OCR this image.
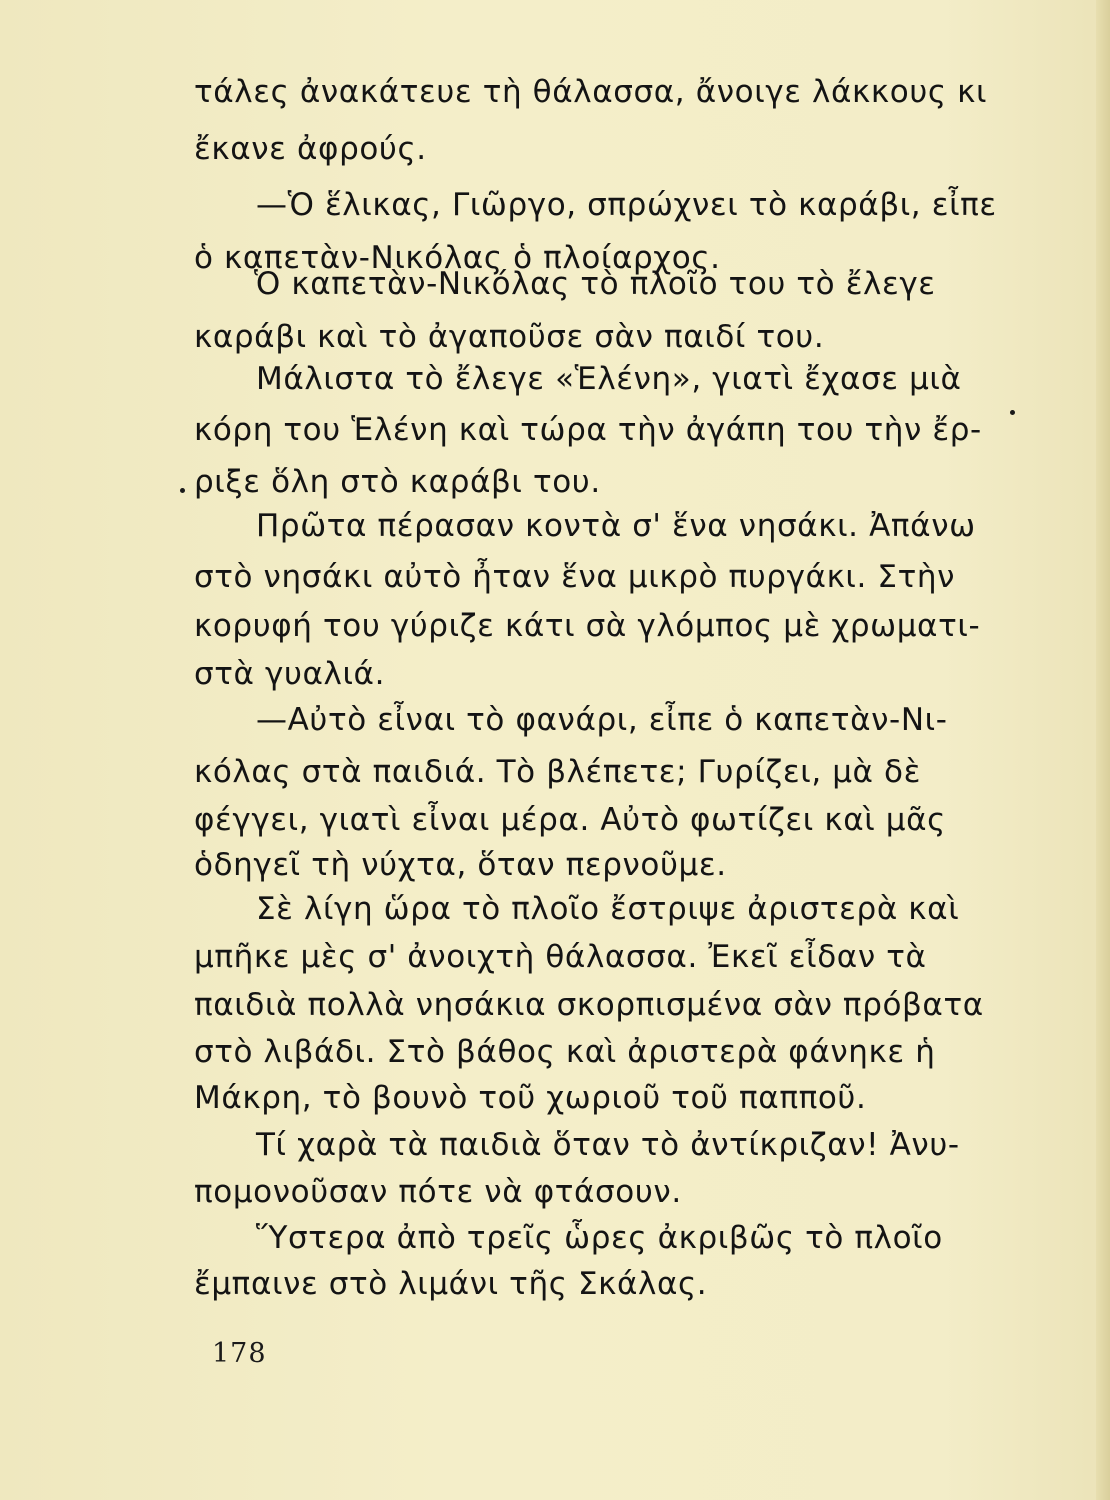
τάλες ἀνακάτευε τὴ θάλασσα, ἄνοιγε λάκκους κι
ἔκανε ἀφρούς.
—Ὁ ἕλικας, Γιῶργο, σπρώχνει τὸ καράβι, εἶπε
ὁ καπετὰν-Νικόλας ὁ πλοίαρχος.
Ὁ καπετὰν-Νικόλας τὸ πλοῖο του τὸ ἔλεγε
καράβι καὶ τὸ ἀγαποῦσε σὰν παιδί του.
Μάλιστα τὸ ἔλεγε «Ἑλένη», γιατὶ ἔχασε μιὰ
κόρη του Ἑλένη καὶ τώρα τὴν ἀγάπη του τὴν ἔρ-
ριξε ὅλη στὸ καράβι του.
Πρῶτα πέρασαν κοντὰ σ' ἕνα νησάκι. Ἀπάνω
στὸ νησάκι αὐτὸ ἦταν ἕνα μικρὸ πυργάκι. Στὴν
κορυφή του γύριζε κάτι σὰ γλόμπος μὲ χρωματι-
στὰ γυαλιά.
—Αὐτὸ εἶναι τὸ φανάρι, εἶπε ὁ καπετὰν-Νι-
κόλας στὰ παιδιά. Τὸ βλέπετε; Γυρίζει, μὰ δὲ
φέγγει, γιατὶ εἶναι μέρα. Αὐτὸ φωτίζει καὶ μᾶς
ὁδηγεῖ τὴ νύχτα, ὅταν περνοῦμε.
Σὲ λίγη ὥρα τὸ πλοῖο ἔστριψε ἀριστερὰ καὶ
μπῆκε μὲς σ' ἀνοιχτὴ θάλασσα. Ἐκεῖ εἶδαν τὰ
παιδιὰ πολλὰ νησάκια σκορπισμένα σὰν πρόβατα
στὸ λιβάδι. Στὸ βάθος καὶ ἀριστερὰ φάνηκε ἡ
Μάκρη, τὸ βουνὸ τοῦ χωριοῦ τοῦ παπποῦ.
Τί χαρὰ τὰ παιδιὰ ὅταν τὸ ἀντίκριζαν! Ἀνυ-
πομονοῦσαν πότε νὰ φτάσουν.
Ὕστερα ἀπὸ τρεῖς ὧρες ἀκριβῶς τὸ πλοῖο
ἔμπαινε στὸ λιμάνι τῆς Σκάλας.
178
